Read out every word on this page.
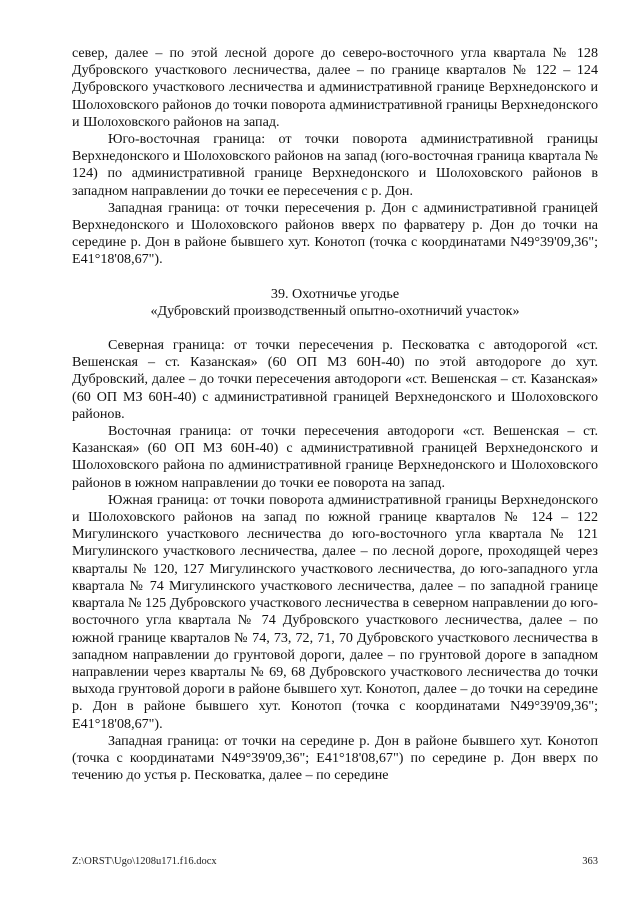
север, далее – по этой лесной дороге до северо-восточного угла квартала № 128 Дубровского участкового лесничества, далее – по границе кварталов № 122 – 124 Дубровского участкового лесничества и административной границе Верхнедонского и Шолоховского районов до точки поворота административной границы Верхнедонского и Шолоховского районов на запад.

Юго-восточная граница: от точки поворота административной границы Верхнедонского и Шолоховского районов на запад (юго-восточная граница квартала № 124) по административной границе Верхнедонского и Шолоховского районов в западном направлении до точки ее пересечения с р. Дон.

Западная граница: от точки пересечения р. Дон с административной границей Верхнедонского и Шолоховского районов вверх по фарватеру р. Дон до точки на середине р. Дон в районе бывшего хут. Конотоп (точка с координатами N49°39'09,36"; E41°18'08,67").

39. Охотничье угодье

«Дубровский производственный опытно-охотничий участок»

Северная граница: от точки пересечения р. Песковатка с автодорогой «ст. Вешенская – ст. Казанская» (60 ОП МЗ 60Н-40) по этой автодороге до хут. Дубровский, далее – до точки пересечения автодороги «ст. Вешенская – ст. Казанская» (60 ОП МЗ 60Н-40) с административной границей Верхнедонского и Шолоховского районов.

Восточная граница: от точки пересечения автодороги «ст. Вешенская – ст. Казанская» (60 ОП МЗ 60Н-40) с административной границей Верхнедонского и Шолоховского района по административной границе Верхнедонского и Шолоховского районов в южном направлении до точки ее поворота на запад.

Южная граница: от точки поворота административной границы Верхнедонского и Шолоховского районов на запад по южной границе кварталов № 124 – 122 Мигулинского участкового лесничества до юго-восточного угла квартала № 121 Мигулинского участкового лесничества, далее – по лесной дороге, проходящей через кварталы № 120, 127 Мигулинского участкового лесничества, до юго-западного угла квартала № 74 Мигулинского участкового лесничества, далее – по западной границе квартала № 125 Дубровского участкового лесничества в северном направлении до юго-восточного угла квартала № 74 Дубровского участкового лесничества, далее – по южной границе кварталов № 74, 73, 72, 71, 70 Дубровского участкового лесничества в западном направлении до грунтовой дороги, далее – по грунтовой дороге в западном направлении через кварталы № 69, 68 Дубровского участкового лесничества до точки выхода грунтовой дороги в районе бывшего хут. Конотоп, далее – до точки на середине р. Дон в районе бывшего хут. Конотоп (точка с координатами N49°39'09,36"; E41°18'08,67").

Западная граница: от точки на середине р. Дон в районе бывшего хут. Конотоп (точка с координатами N49°39'09,36"; E41°18'08,67") по середине р. Дон вверх по течению до устья р. Песковатка, далее – по середине

Z:\ORST\Ugo\1208u171.f16.docx	363
